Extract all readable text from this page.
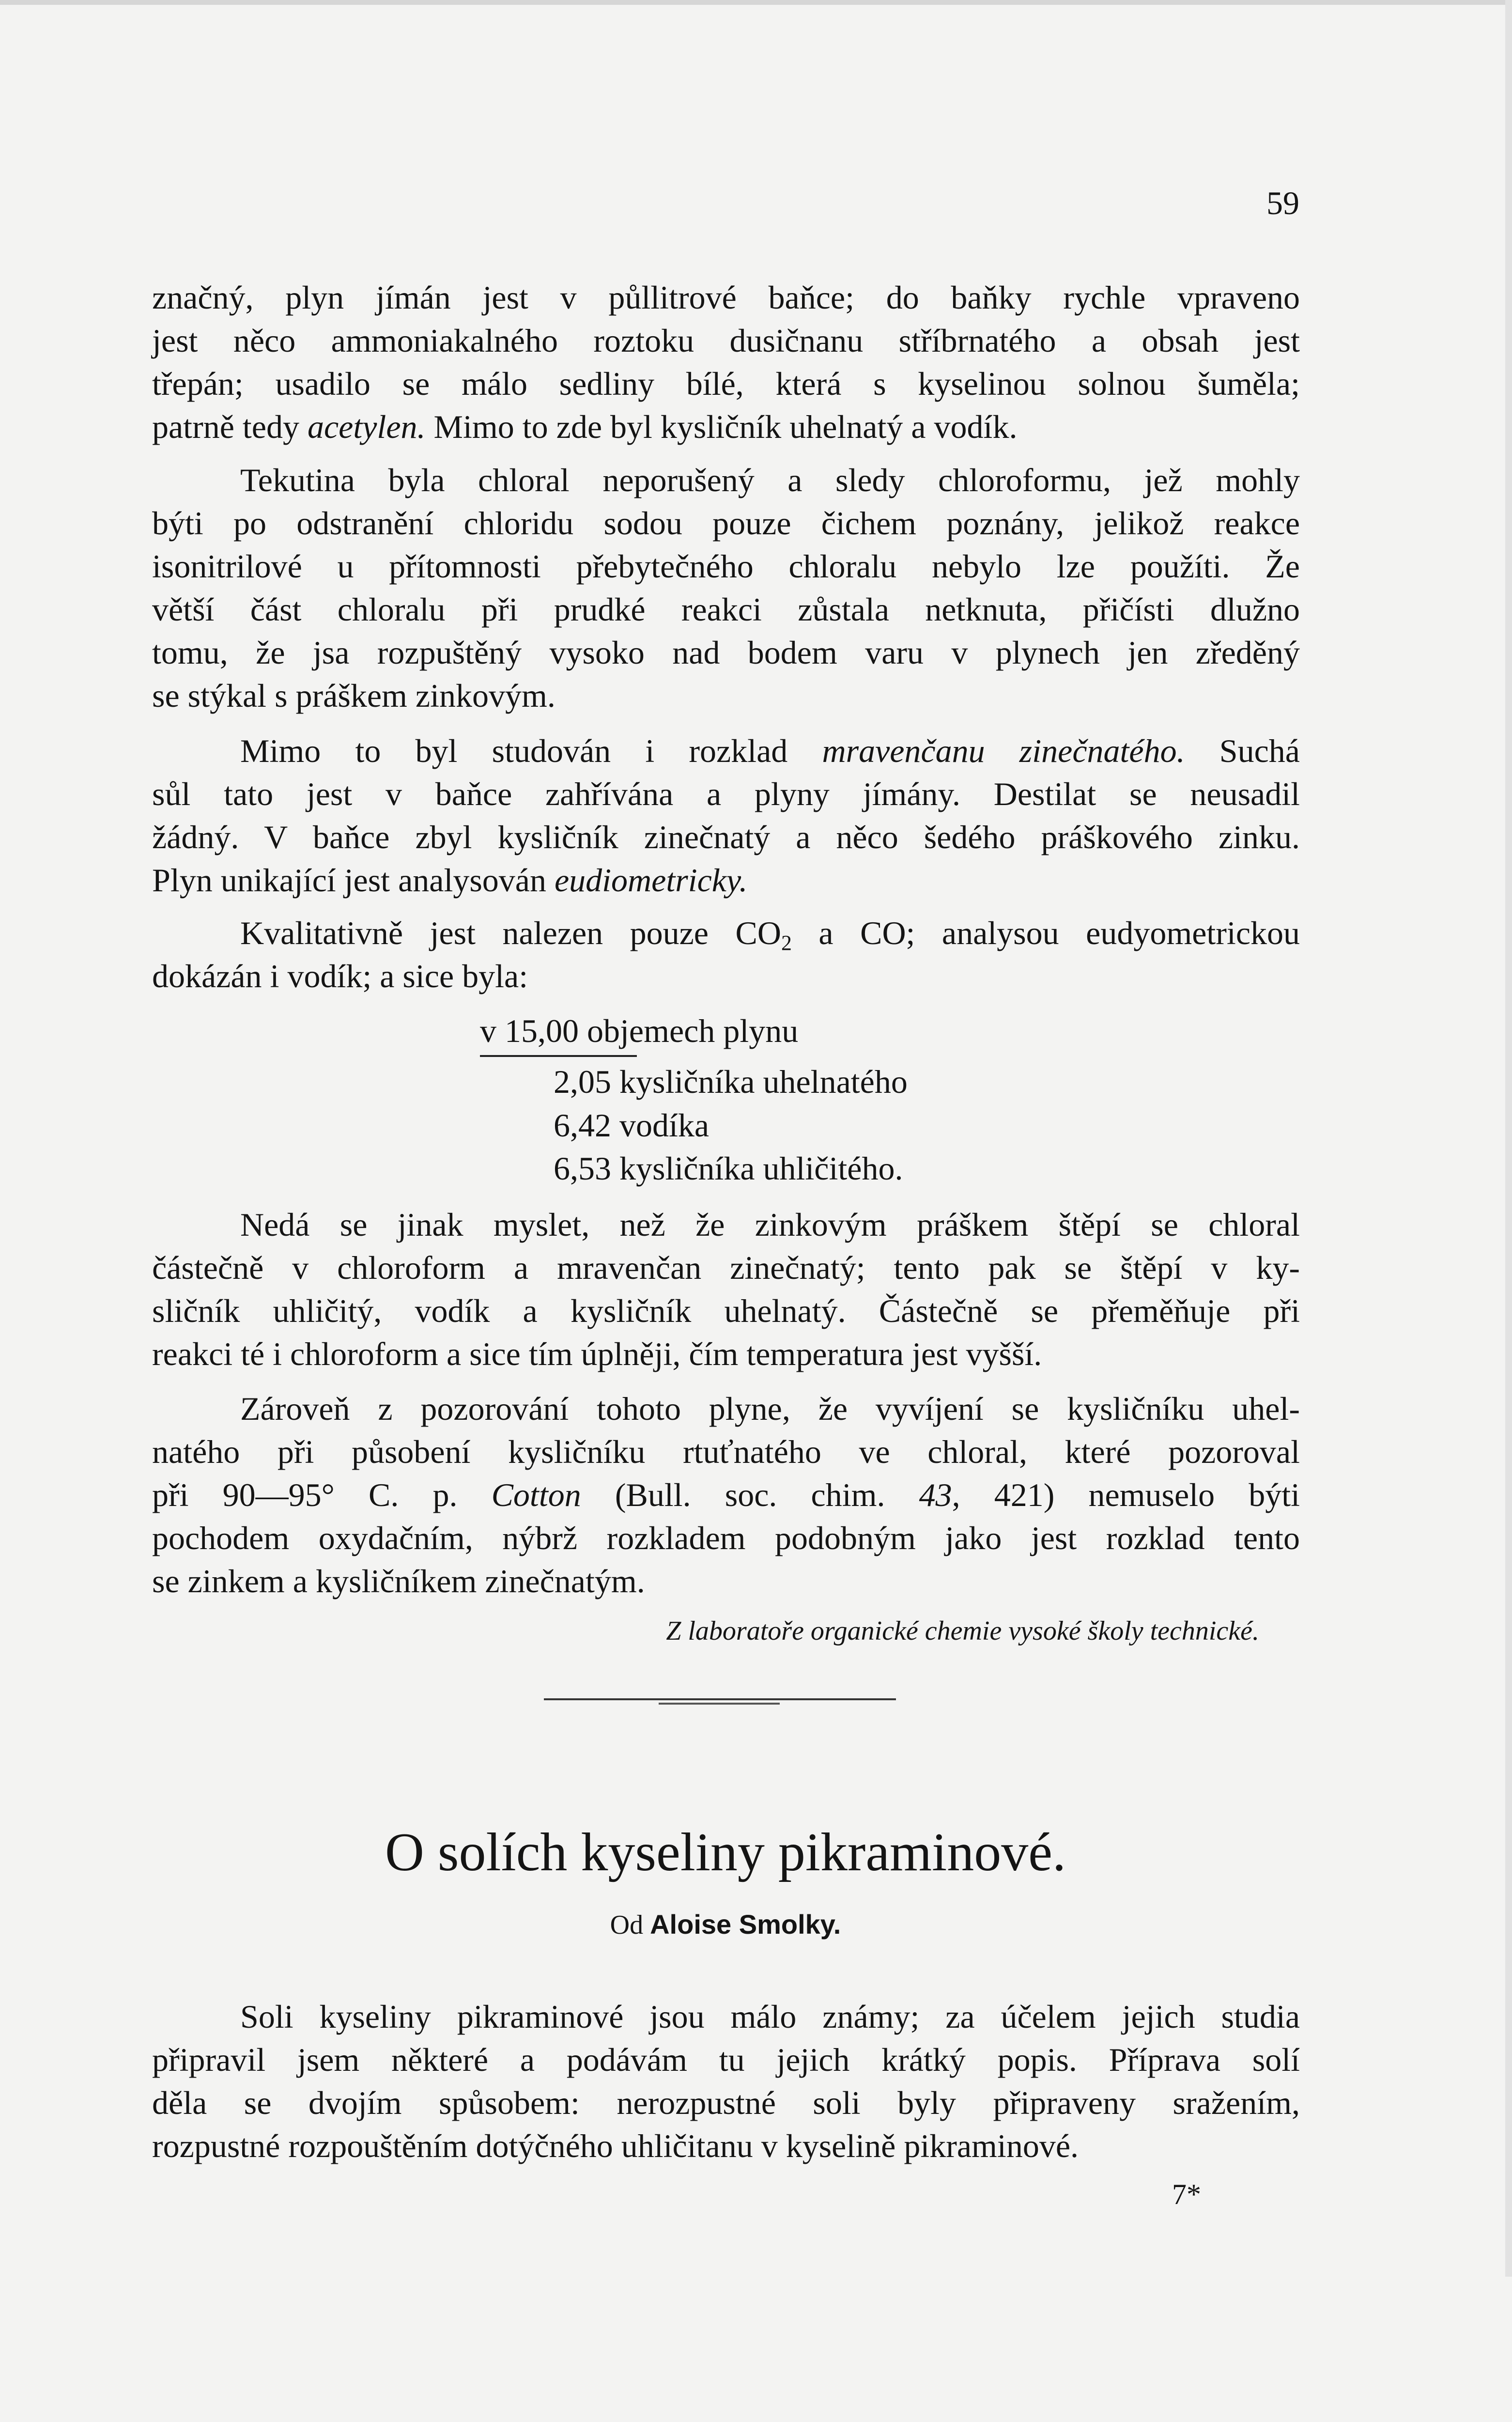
59
značný, plyn jímán jest v půllitrové baňce; do baňky rychle vpraveno
jest něco ammoniakalného roztoku dusičnanu stříbrnatého a obsah jest
třepán; usadilo se málo sedliny bílé, která s kyselinou solnou šuměla;
patrně tedy acetylen. Mimo to zde byl kysličník uhelnatý a vodík.
Tekutina byla chloral neporušený a sledy chloroformu, jež mohly
býti po odstranění chloridu sodou pouze čichem poznány, jelikož reakce
isonitrilové u přítomnosti přebytečného chloralu nebylo lze použíti. Že
větší část chloralu při prudké reakci zůstala netknuta, přičísti dlužno
tomu, že jsa rozpuštěný vysoko nad bodem varu v plynech jen zředěný
se stýkal s práškem zinkovým.
Mimo to byl studován i rozklad mravenčanu zinečnatého. Suchá
sůl tato jest v baňce zahřívána a plyny jímány. Destilat se neusadil
žádný. V baňce zbyl kysličník zinečnatý a něco šedého práškového zinku.
Plyn unikající jest analysován eudiometricky.
Kvalitativně jest nalezen pouze $CO_2$ a CO; analysou eudyometrickou
dokázán i vodík; a sice byla:
Nedá se jinak myslet, než že zinkovým práškem štěpí se chloral
částečně v chloroform a mravenčan zinečnatý; tento pak se štěpí v ky-
sličník uhličitý, vodík a kysličník uhelnatý. Částečně se přeměňuje při
reakci té i chloroform a sice tím úplněji, čím temperatura jest vyšší.
Zároveň z pozorování tohoto plyne, že vyvíjení se kysličníku uhel-
natého při působení kysličníku rtuťnatého ve chloral, které pozoroval
při 90—95° C. p. Cotton (Bull. soc. chim. 43, 421) nemuselo býti
pochodem oxydačním, nýbrž rozkladem podobným jako jest rozklad tento
se zinkem a kysličníkem zinečnatým.
Soli kyseliny pikraminové jsou málo známy; za účelem jejich studia
připravil jsem některé a podávám tu jejich krátký popis. Příprava solí
děla se dvojím spůsobem: nerozpustné soli byly připraveny sražením,
rozpustné rozpouštěním dotýčného uhličitanu v kyselině pikraminové.
v 15,00 objemech plynu
2,05 kysličníka uhelnatého
6,42 vodíka
6,53 kysličníka uhličitého.
Z laboratoře organické chemie vysoké školy technické.
O solích kyseliny pikraminové.
Od Aloise Smolky.
7*
